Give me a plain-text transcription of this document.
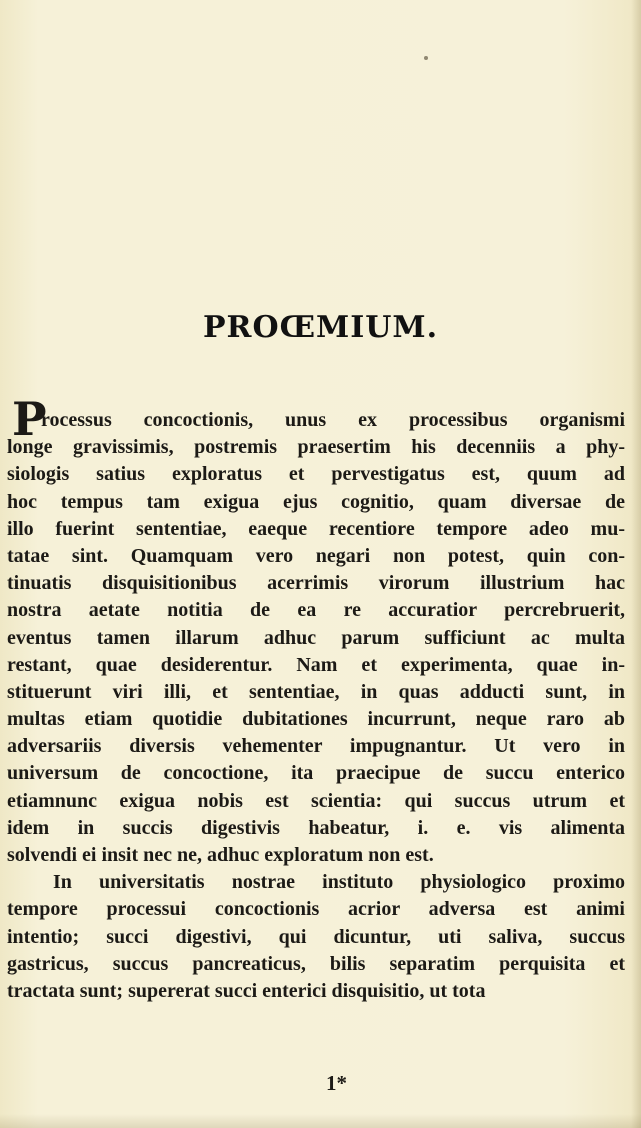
PROŒMIUM.
P
rocessus concoctionis, unus ex processibus organismi
longe gravissimis, postremis praesertim his decenniis a phy-
siologis satius exploratus et pervestigatus est, quum ad
hoc tempus tam exigua ejus cognitio, quam diversae de
illo fuerint sententiae, eaeque recentiore tempore adeo mu-
tatae sint. Quamquam vero negari non potest, quin con-
tinuatis disquisitionibus acerrimis virorum illustrium hac
nostra aetate notitia de ea re accuratior percrebruerit,
eventus tamen illarum adhuc parum sufficiunt ac multa
restant, quae desiderentur. Nam et experimenta, quae in-
stituerunt viri illi, et sententiae, in quas adducti sunt, in
multas etiam quotidie dubitationes incurrunt, neque raro ab
adversariis diversis vehementer impugnantur. Ut vero in
universum de concoctione, ita praecipue de succu enterico
etiamnunc exigua nobis est scientia: qui succus utrum et
idem in succis digestivis habeatur, i. e. vis alimenta
solvendi ei insit nec ne, adhuc exploratum non est.
In universitatis nostrae instituto physiologico proximo
tempore processui concoctionis acrior adversa est animi
intentio; succi digestivi, qui dicuntur, uti saliva, succus
gastricus, succus pancreaticus, bilis separatim perquisita et
tractata sunt; supererat succi enterici disquisitio, ut tota
1*
